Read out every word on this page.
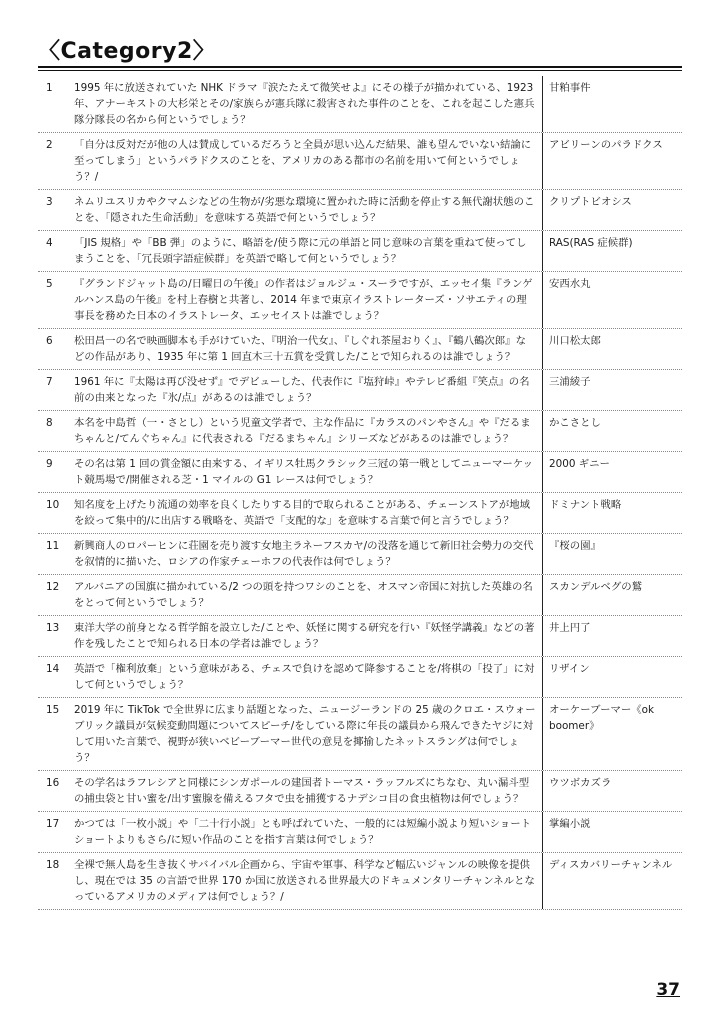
〈Category2〉
1	1995 年に放送されていた NHK ドラマ『涙たたえて微笑せよ』にその様子が描かれている、1923 年、アナーキストの大杉栄とその/家族らが憲兵隊に殺害された事件のことを、これを起こした憲兵隊分隊長の名から何というでしょう？
甘粕事件
2	「自分は反対だが他の人は賛成しているだろうと全員が思い込んだ結果、誰も望んでいない結論に至ってしまう」というパラドクスのことを、アメリカのある都市の名前を用いて何というでしょう？/
アビリーンのパラドクス
3	ネムリユスリカやクマムシなどの生物が/劣悪な環境に置かれた時に活動を停止する無代謝状態のことを、「隠された生命活動」を意味する英語で何というでしょう？
クリプトビオシス
4	「JIS 規格」や「BB 弾」のように、略語を/使う際に元の単語と同じ意味の言葉を重ねて使ってしまうことを、「冗長頭字語症候群」を英語で略して何というでしょう？
RAS(RAS 症候群)
5	『グランドジャット島の/日曜日の午後』の作者はジョルジュ・スーラですが、エッセイ集『ランゲルハンス島の午後』を村上春樹と共著し、2014 年まで東京イラストレーターズ・ソサエティの理事長を務めた日本のイラストレータ、エッセイストは誰でしょう？
安西水丸
6	松田昌一の名で映画脚本も手がけていた、『明治一代女』、『しぐれ茶屋おりく』、『鶴八鶴次郎』などの作品があり、1935 年に第 1 回直木三十五賞を受賞した/ことで知られるのは誰でしょう？
川口松太郎
7	1961 年に『太陽は再び没せず』でデビューした、代表作に『塩狩峠』やテレビ番組『笑点』の名前の由来となった『氷/点』があるのは誰でしょう？
三浦綾子
8	本名を中島哲（一・さとし）という児童文学者で、主な作品に『カラスのパンやさん』や『だるまちゃんと/てんぐちゃん』に代表される『だるまちゃん』シリーズなどがあるのは誰でしょう？
かこさとし
9	その名は第 1 回の賞金額に由来する、イギリス牡馬クラシック三冠の第一戦としてニューマーケット競馬場で/開催される芝・1 マイルの G1 レースは何でしょう？
2000 ギニー
10	知名度を上げたり流通の効率を良くしたりする目的で取られることがある、チェーンストアが地域を絞って集中的/に出店する戦略を、英語で「支配的な」を意味する言葉で何と言うでしょう？
ドミナント戦略
11	新興商人のロパーヒンに荘園を売り渡す女地主ラネーフスカヤ/の没落を通じて新旧社会勢力の交代を叙情的に描いた、ロシアの作家チェーホフの代表作は何でしょう？
『桜の園』
12	アルバニアの国旗に描かれている/2 つの頭を持つワシのことを、オスマン帝国に対抗した英雄の名をとって何というでしょう？
スカンデルベグの鷲
13	東洋大学の前身となる哲学館を設立した/ことや、妖怪に関する研究を行い『妖怪学講義』などの著作を残したことで知られる日本の学者は誰でしょう？
井上円了
14	英語で「権利放棄」という意味がある、チェスで負けを認めて降参することを/将棋の「投了」に対して何というでしょう？
リザイン
15	2019 年に TikTok で全世界に広まり話題となった、ニュージーランドの 25 歳のクロエ・スウォーブリック議員が気候変動問題についてスピーチ/をしている際に年長の議員から飛んできたヤジに対して用いた言葉で、視野が狭いベビーブーマー世代の意見を揶揄したネットスラングは何でしょう？
オーケーブーマー《ok boomer》
16	その学名はラフレシアと同様にシンガポールの建国者トーマス・ラッフルズにちなむ、丸い漏斗型の捕虫袋と甘い蜜を/出す蜜腺を備えるフタで虫を捕獲するナデシコ目の食虫植物は何でしょう？
ウツボカズラ
17	かつては「一枚小説」や「二十行小説」とも呼ばれていた、一般的には短編小説より短いショートショートよりもさら/に短い作品のことを指す言葉は何でしょう？
掌編小説
18	全裸で無人島を生き抜くサバイバル企画から、宇宙や軍事、科学など幅広いジャンルの映像を提供し、現在では 35 の言語で世界 170 か国に放送される世界最大のドキュメンタリーチャンネルとなっているアメリカのメディアは何でしょう？/
ディスカバリーチャンネル
37
